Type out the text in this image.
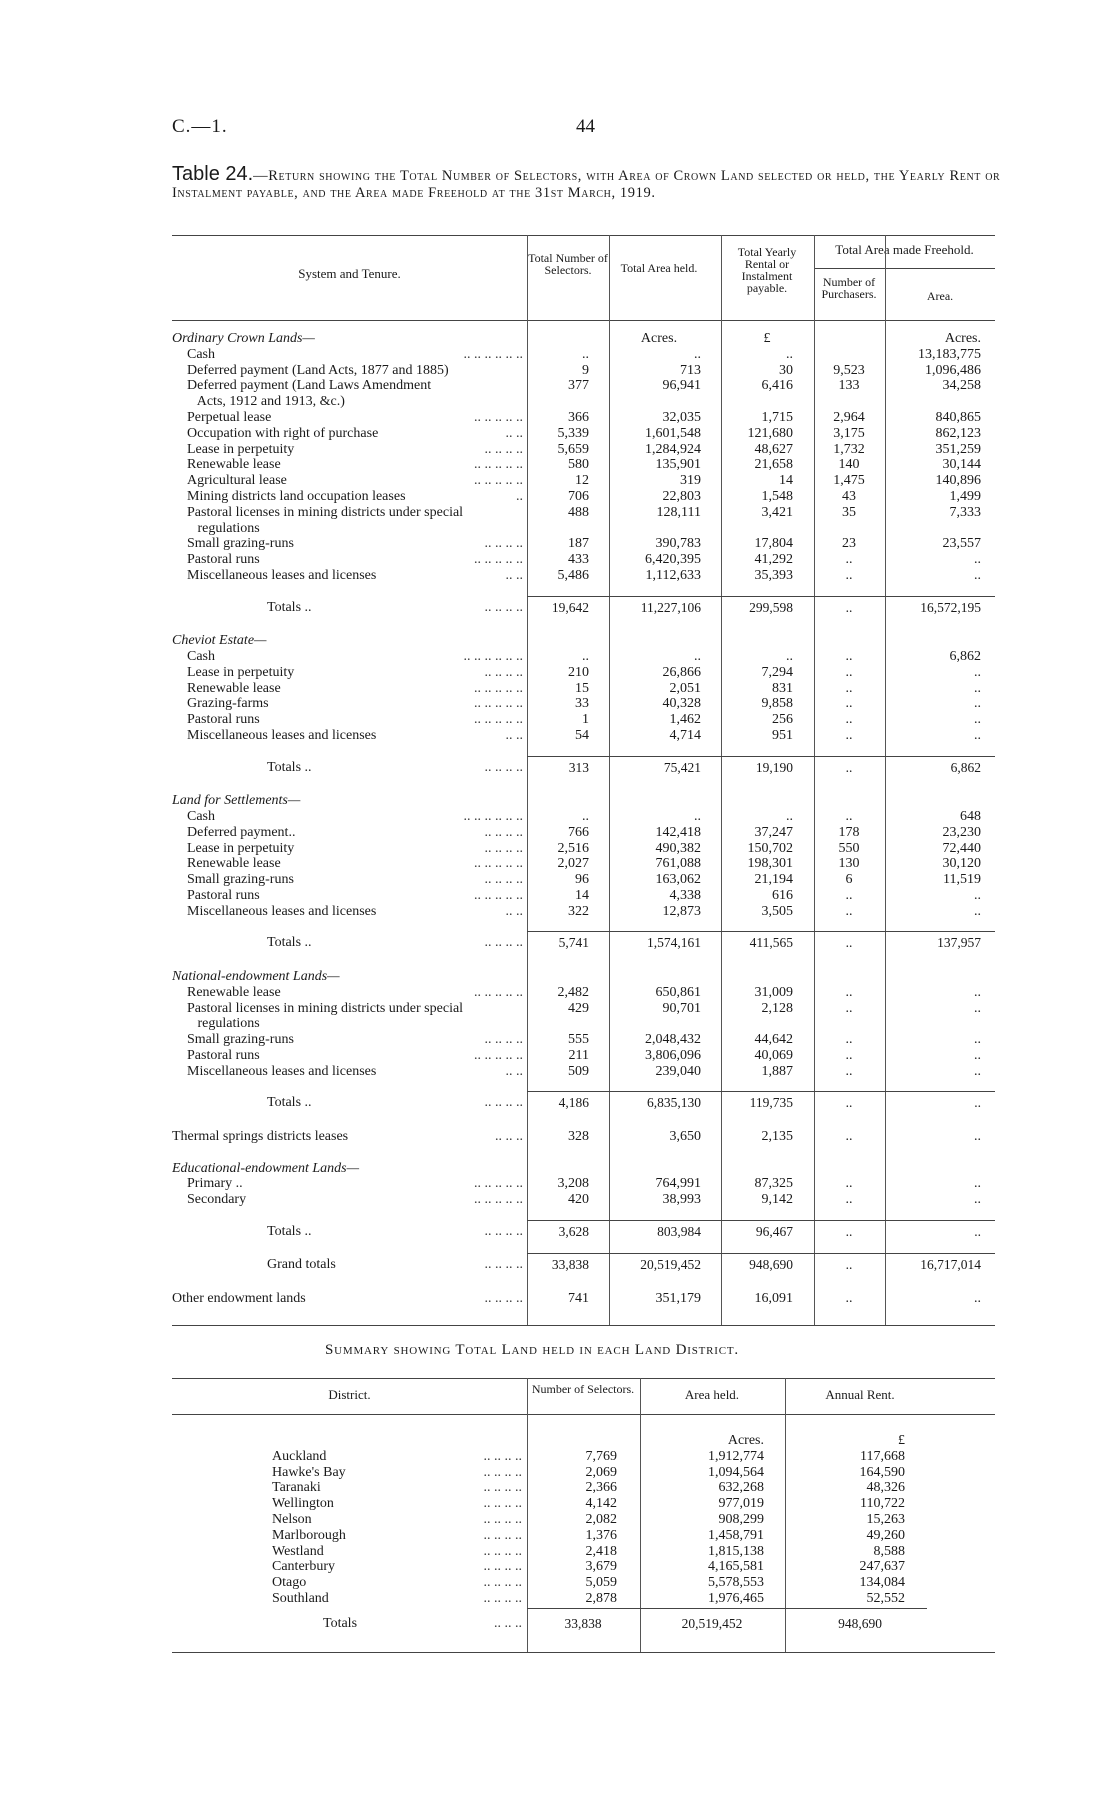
C.—1.	44
Table 24.—Return showing the Total Number of Selectors, with Area of Crown Land selected or held, the Yearly Rent or Instalment payable, and the Area made Freehold at the 31st March, 1919.
System and Tenure.
Total Number of Selectors.	Total Area held.
Total Yearly Rental or Instalment payable.
Total Area made Freehold.
Number of Purchasers.	Area.
Acres.	£	Acres.
Ordinary Crown Lands—
Cash	.. .. .. .. .. ..	..	..	..	13,183,775
Deferred payment (Land Acts, 1877 and 1885)	9	713	30	9,523	1,096,486
Deferred payment (Land Laws Amendment	377	96,941	6,416	133	34,258
Acts, 1912 and 1913, &c.)
Perpetual lease	.. .. .. .. ..	366	32,035	1,715	2,964	840,865
Occupation with right of purchase	.. ..	5,339	1,601,548	121,680	3,175	862,123
Lease in perpetuity	.. .. .. ..	5,659	1,284,924	48,627	1,732	351,259
Renewable lease	.. .. .. .. ..	580	135,901	21,658	140	30,144
Agricultural lease	.. .. .. .. ..	12	319	14	1,475	140,896
Mining districts land occupation leases	..	706	22,803	1,548	43	1,499
Pastoral licenses in mining districts under special	488	128,111	3,421	35	7,333
regulations
Small grazing-runs	.. .. .. ..	187	390,783	17,804	23	23,557
Pastoral runs	.. .. .. .. ..	433	6,420,395	41,292	..	..
Miscellaneous leases and licenses	.. ..	5,486	1,112,633	35,393	..	..
Totals ..	.. .. .. ..	19,642	11,227,106	299,598	..	16,572,195
Cheviot Estate—
Cash	.. .. .. .. .. ..	..	..	..	..	6,862
Lease in perpetuity	.. .. .. ..	210	26,866	7,294	..	..
Renewable lease	.. .. .. .. ..	15	2,051	831	..	..
Grazing-farms	.. .. .. .. ..	33	40,328	9,858	..	..
Pastoral runs	.. .. .. .. ..	1	1,462	256	..	..
Miscellaneous leases and licenses	.. ..	54	4,714	951	..	..
Totals ..	.. .. .. ..	313	75,421	19,190	..	6,862
Land for Settlements—
Cash	.. .. .. .. .. ..	..	..	..	..	648
Deferred payment..	.. .. .. ..	766	142,418	37,247	178	23,230
Lease in perpetuity	.. .. .. ..	2,516	490,382	150,702	550	72,440
Renewable lease	.. .. .. .. ..	2,027	761,088	198,301	130	30,120
Small grazing-runs	.. .. .. ..	96	163,062	21,194	6	11,519
Pastoral runs	.. .. .. .. ..	14	4,338	616	..	..
Miscellaneous leases and licenses	.. ..	322	12,873	3,505	..	..
Totals ..	.. .. .. ..	5,741	1,574,161	411,565	..	137,957
National-endowment Lands—
Renewable lease	.. .. .. .. ..	2,482	650,861	31,009	..	..
Pastoral licenses in mining districts under special	429	90,701	2,128	..	..
regulations
Small grazing-runs	.. .. .. ..	555	2,048,432	44,642	..	..
Pastoral runs	.. .. .. .. ..	211	3,806,096	40,069	..	..
Miscellaneous leases and licenses	.. ..	509	239,040	1,887	..	..
Totals ..	.. .. .. ..	4,186	6,835,130	119,735	..	..
Thermal springs districts leases	.. .. ..	328	3,650	2,135	..	..
Educational-endowment Lands—
Primary ..	.. .. .. .. ..	3,208	764,991	87,325	..	..
Secondary	.. .. .. .. ..	420	38,993	9,142	..	..
Totals ..	.. .. .. ..	3,628	803,984	96,467	..	..
Grand totals	.. .. .. ..	33,838	20,519,452	948,690	..	16,717,014
Other endowment lands	.. .. .. ..	741	351,179	16,091	..	..
Summary showing Total Land held in each Land District.
District.	Number of Selectors.	Area held.	Annual Rent.
Acres.	£
Auckland	.. .. .. ..	7,769	1,912,774	117,668
Hawke's Bay	.. .. .. ..	2,069	1,094,564	164,590
Taranaki	.. .. .. ..	2,366	632,268	48,326
Wellington	.. .. .. ..	4,142	977,019	110,722
Nelson	.. .. .. ..	2,082	908,299	15,263
Marlborough	.. .. .. ..	1,376	1,458,791	49,260
Westland	.. .. .. ..	2,418	1,815,138	8,588
Canterbury	.. .. .. ..	3,679	4,165,581	247,637
Otago	.. .. .. ..	5,059	5,578,553	134,084
Southland	.. .. .. ..	2,878	1,976,465	52,552
Totals	.. .. ..	33,838	20,519,452	948,690
